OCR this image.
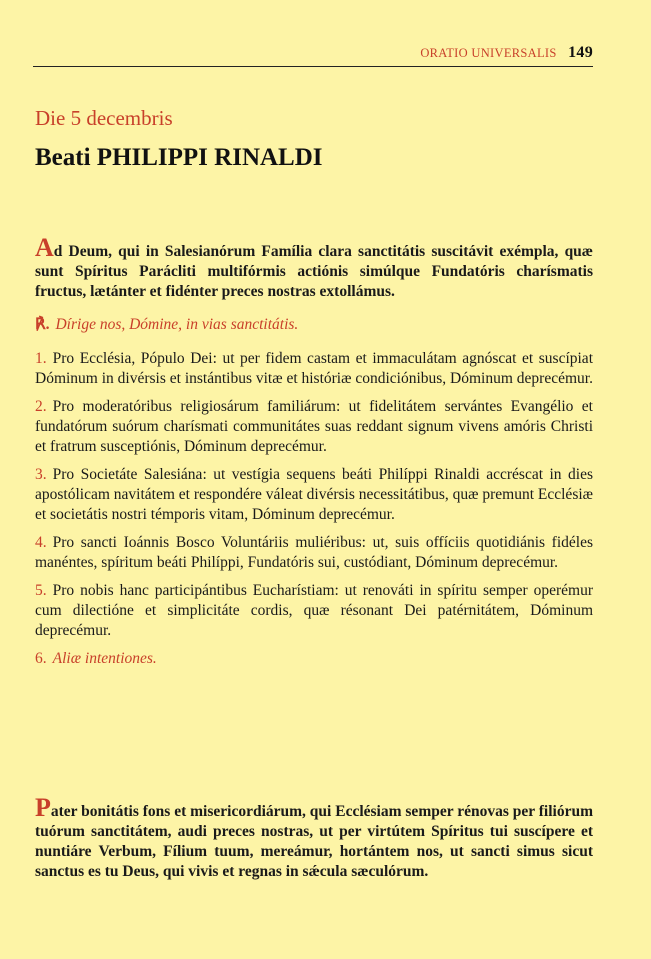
ORATIO UNIVERSALIS 149
Die 5 decembris
Beati PHILIPPI RINALDI
Ad Deum, qui in Salesianórum Família clara sanctitátis suscitávit exémpla, quæ sunt Spíritus Parácliti multifórmis actiónis simúlque Fundatóris charísmatis fructus, lætánter et fidénter preces nostras extollámus.
℟. Dírige nos, Dómine, in vias sanctitátis.

1. Pro Ecclésia, Pópulo Dei: ut per fidem castam et immaculátam agnóscat et suscípiat Dóminum in divérsis et instántibus vitæ et históriæ condiciónibus, Dóminum deprecémur.

2. Pro moderatóribus religiosárum familiárum: ut fidelitátem servántes Evangélio et fundatórum suórum charísmati communitátes suas reddant signum vivens amóris Christi et fratrum susceptiónis, Dóminum deprecémur.

3. Pro Societáte Salesiána: ut vestígia sequens beáti Philíppi Rinaldi accréscat in dies apostólicam navitátem et respondére váleat divérsis necessitátibus, quæ premunt Ecclésiæ et societátis nostri témporis vitam, Dóminum deprecémur.

4. Pro sancti Ioánnis Bosco Voluntáriis muliéribus: ut, suis offíciis quotidiánis fidéles manéntes, spíritum beáti Philíppi, Fundatóris sui, custódiant, Dóminum deprecémur.

5. Pro nobis hanc participántibus Eucharístiam: ut renováti in spíritu semper operémur cum dilectióne et simplicitáte cordis, quæ résonant Dei patérnitátem, Dóminum deprecémur.

6. Aliæ intentiones.

Pater bonitátis fons et misericordiárum, qui Ecclésiam semper rénovas per filiórum tuórum sanctitátem, audi preces nostras, ut per virtútem Spíritus tui suscípere et nuntiáre Verbum, Fílium tuum, mereámur, hortántem nos, ut sancti simus sicut sanctus es tu Deus, qui vivis et regnas in sǽcula sæculórum.
